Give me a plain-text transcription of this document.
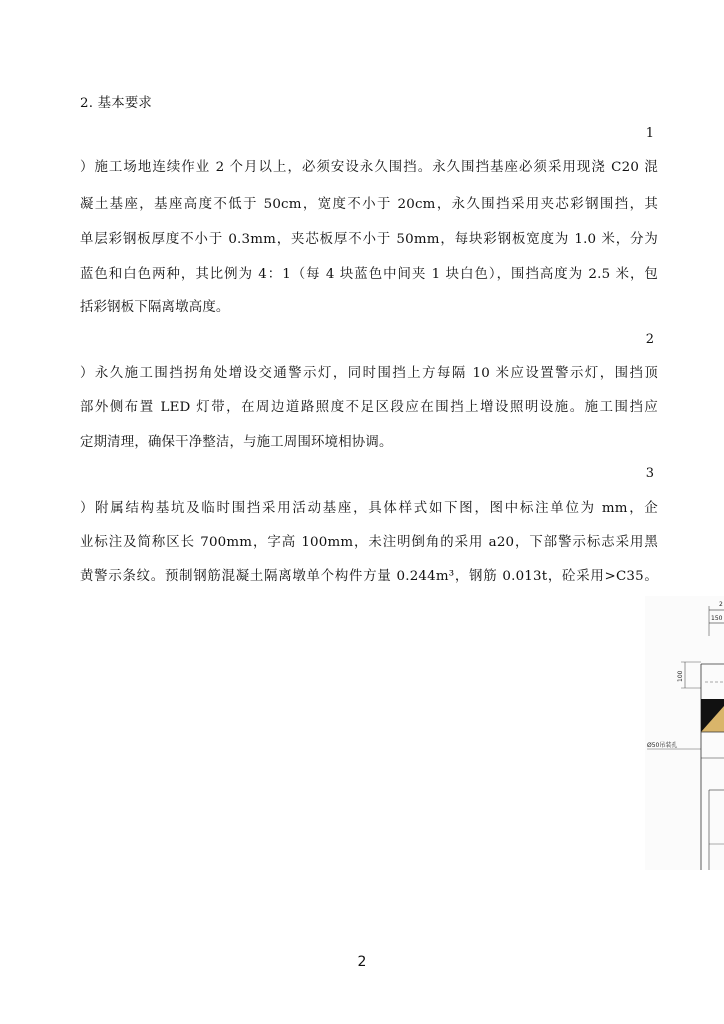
2. 基本要求
1
）施工场地连续作业 2 个月以上，必须安设永久围挡。永久围挡基座必须采用现浇 C20 混
凝土基座，基座高度不低于 50cm，宽度不小于 20cm，永久围挡采用夹芯彩钢围挡，其
单层彩钢板厚度不小于 0.3mm，夹芯板厚不小于 50mm，每块彩钢板宽度为 1.0 米，分为
蓝色和白色两种，其比例为 4：1（每 4 块蓝色中间夹 1 块白色），围挡高度为 2.5 米，包
括彩钢板下隔离墩高度。
2
）永久施工围挡拐角处增设交通警示灯，同时围挡上方每隔 10 米应设置警示灯，围挡顶
部外侧布置 LED 灯带，在周边道路照度不足区段应在围挡上增设照明设施。施工围挡应
定期清理，确保干净整洁，与施工周围环境相协调。
3
）附属结构基坑及临时围挡采用活动基座，具体样式如下图，图中标注单位为 mm，企
业标注及简称区长 700mm，字高 100mm，未注明倒角的采用 a20，下部警示标志采用黑
黄警示条纹。预制钢筋混凝土隔离墩单个构件方量 0.244m³，钢筋 0.013t，砼采用>C35。
2
150
100
Ø50吊装孔
2
